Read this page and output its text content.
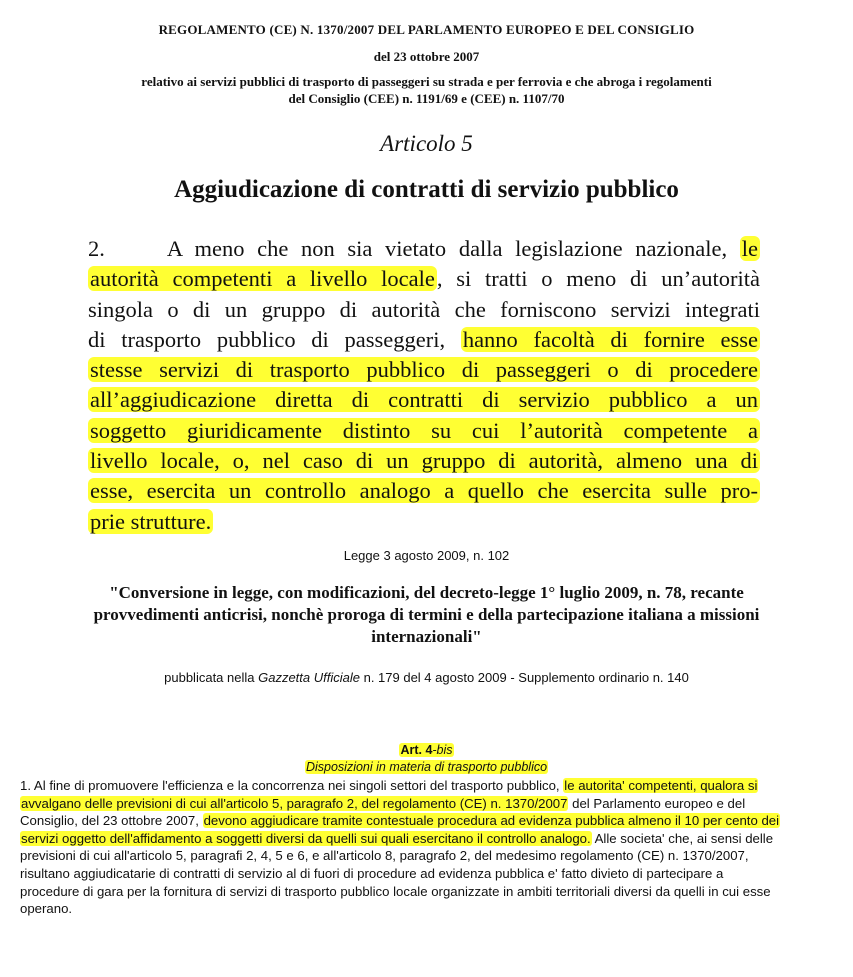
REGOLAMENTO (CE) N. 1370/2007 DEL PARLAMENTO EUROPEO E DEL CONSIGLIO
del 23 ottobre 2007
relativo ai servizi pubblici di trasporto di passeggeri su strada e per ferrovia e che abroga i regolamenti
del Consiglio (CEE) n. 1191/69 e (CEE) n. 1107/70
Articolo 5
Aggiudicazione di contratti di servizio pubblico
2.     A meno che non sia vietato dalla legislazione nazionale, le
autorità competenti a livello locale, si tratti o meno di un’autorità
singola o di un gruppo di autorità che forniscono servizi integrati
di trasporto pubblico di passeggeri, hanno facoltà di fornire esse
stesse servizi di trasporto pubblico di passeggeri o di procedere
all’aggiudicazione diretta di contratti di servizio pubblico a un
soggetto giuridicamente distinto su cui l’autorità competente a
livello locale, o, nel caso di un gruppo di autorità, almeno una di
esse, esercita un controllo analogo a quello che esercita sulle pro-
prie strutture.
Legge 3 agosto 2009, n. 102
"Conversione in legge, con modificazioni, del decreto-legge 1° luglio 2009, n. 78, recante
provvedimenti anticrisi, nonchè proroga di termini e della partecipazione italiana a missioni
internazionali"
pubblicata nella Gazzetta Ufficiale n. 179 del 4 agosto 2009 - Supplemento ordinario n. 140
Art. 4-bis
Disposizioni in materia di trasporto pubblico
1. Al fine di promuovere l'efficienza e la concorrenza nei singoli settori del trasporto pubblico, le autorita' competenti, qualora si
avvalgano delle previsioni di cui all'articolo 5, paragrafo 2, del regolamento (CE) n. 1370/2007 del Parlamento europeo e del
Consiglio, del 23 ottobre 2007, devono aggiudicare tramite contestuale procedura ad evidenza pubblica almeno il 10 per cento dei
servizi oggetto dell'affidamento a soggetti diversi da quelli sui quali esercitano il controllo analogo. Alle societa' che, ai sensi delle
previsioni di cui all'articolo 5, paragrafi 2, 4, 5 e 6, e all'articolo 8, paragrafo 2, del medesimo regolamento (CE) n. 1370/2007,
risultano aggiudicatarie di contratti di servizio al di fuori di procedure ad evidenza pubblica e' fatto divieto di partecipare a
procedure di gara per la fornitura di servizi di trasporto pubblico locale organizzate in ambiti territoriali diversi da quelli in cui esse
operano.
